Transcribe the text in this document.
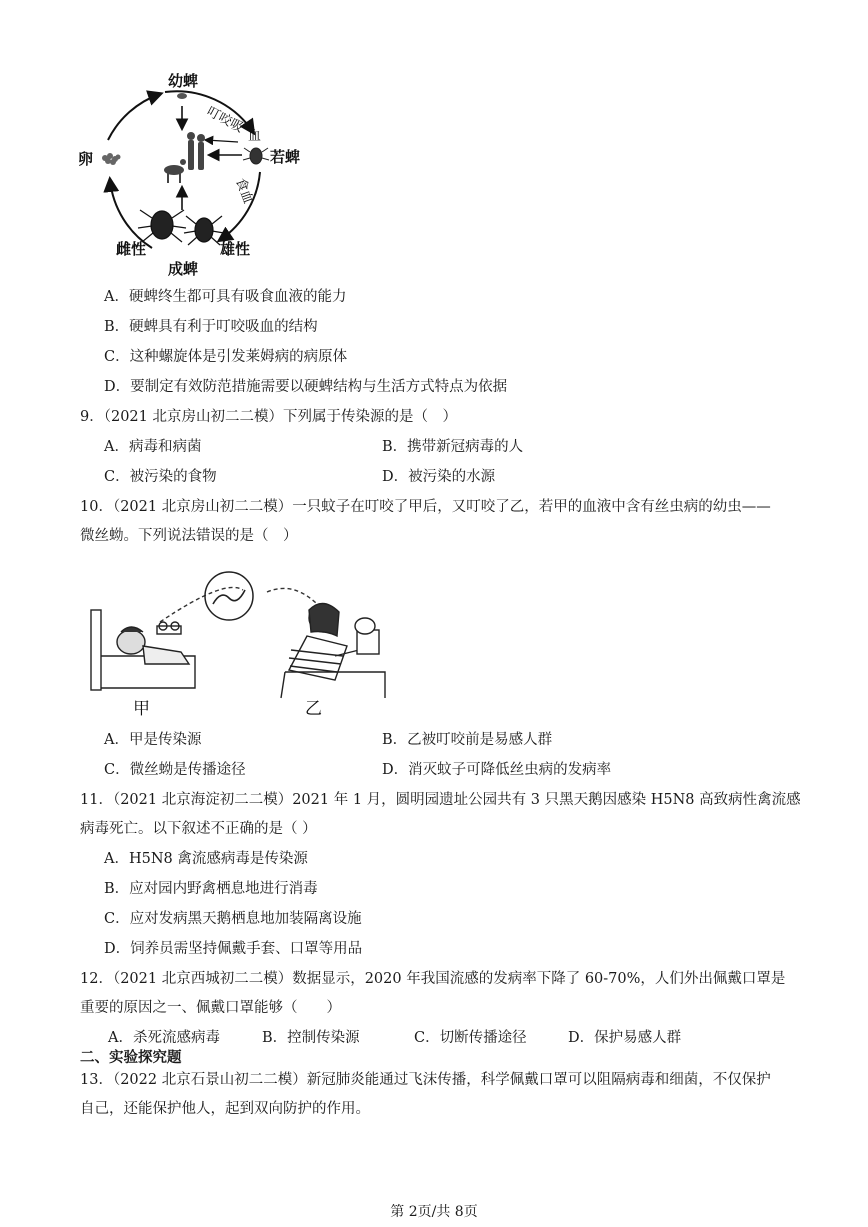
幼蜱
若蜱
卵
雌性	雄性
成蜱
叮咬吸
血
食血
A．硬蜱终生都可具有吸食血液的能力
B．硬蜱具有利于叮咬吸血的结构
C．这种螺旋体是引发莱姆病的病原体
D．要制定有效防范措施需要以硬蜱结构与生活方式特点为依据
9．（2021 北京房山初二二模）下列属于传染源的是（　）
A．病毒和病菌	B．携带新冠病毒的人
C．被污染的食物	D．被污染的水源
10．（2021 北京房山初二二模）一只蚊子在叮咬了甲后，又叮咬了乙，若甲的血液中含有丝虫病的幼虫——
微丝蚴。下列说法错误的是（　）
甲	乙
A．甲是传染源	B．乙被叮咬前是易感人群
C．微丝蚴是传播途径	D．消灭蚊子可降低丝虫病的发病率
11．（2021 北京海淀初二二模）2021 年 1 月，圆明园遗址公园共有 3 只黑天鹅因感染 H5N8 高致病性禽流感
病毒死亡。以下叙述不正确的是（ ）
A．H5N8 禽流感病毒是传染源
B．应对园内野禽栖息地进行消毒
C．应对发病黑天鹅栖息地加装隔离设施
D．饲养员需坚持佩戴手套、口罩等用品
12．（2021 北京西城初二二模）数据显示，2020 年我国流感的发病率下降了 60-70%，人们外出佩戴口罩是
重要的原因之一、佩戴口罩能够（　　）
A．杀死流感病毒	B．控制传染源	C．切断传播途径	D．保护易感人群
二、实验探究题
13．（2022 北京石景山初二二模）新冠肺炎能通过飞沫传播，科学佩戴口罩可以阻隔病毒和细菌，不仅保护
自己，还能保护他人，起到双向防护的作用。
第 2页/共 8页
